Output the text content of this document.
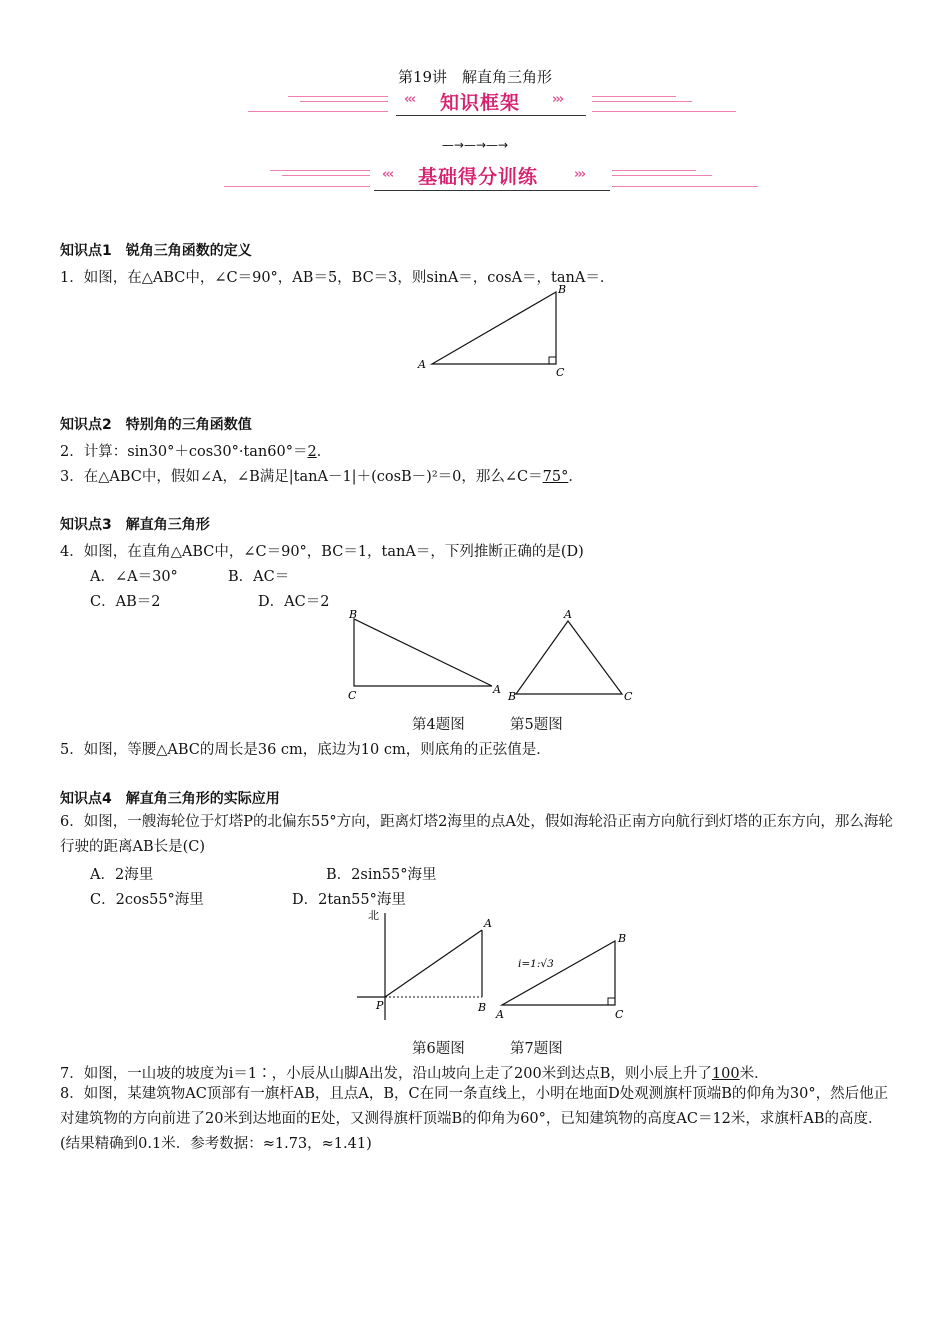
第19讲　解直角三角形
‹‹‹ 知识框架 ›››
—→—→—→
‹‹‹ 基础得分训练	›››
知识点1　锐角三角函数的定义
1．如图，在△ABC中，∠C＝90°，AB＝5，BC＝3，则sinA＝，cosA＝，tanA＝．
A
B
C
知识点2　特别角的三角函数值
2．计算：sin30°＋cos30°·tan60°＝2．
3．在△ABC中，假如∠A，∠B满足|tanA－1|＋(cosB－)²＝0，那么∠C＝75°．
知识点3　解直角三角形
4．如图，在直角△ABC中，∠C＝90°，BC＝1，tanA＝，下列推断正确的是(D)
A．∠A＝30°	B．AC＝
C．AB＝2	D．AC＝2
B
C	A
A
B	C
第4题图	第5题图
5．如图，等腰△ABC的周长是36 cm，底边为10 cm，则底角的正弦值是．
知识点4　解直角三角形的实际应用
6．如图，一艘海轮位于灯塔P的北偏东55°方向，距离灯塔2海里的点A处，假如海轮沿正南方向航行到灯塔的正东方向，那么海轮行驶的距离AB长是(C)
A．2海里	B．2sin55°海里
C．2cos55°海里	D．2tan55°海里
北
A
B
P
i=1:√3
A
B
C
第6题图	第7题图
7．如图，一山坡的坡度为i＝1∶，小辰从山脚A出发，沿山坡向上走了200米到达点B，则小辰上升了100米．
8．如图，某建筑物AC顶部有一旗杆AB，且点A，B，C在同一条直线上，小明在地面D处观测旗杆顶端B的仰角为30°，然后他正对建筑物的方向前进了20米到达地面的E处，又测得旗杆顶端B的仰角为60°，已知建筑物的高度AC＝12米，求旗杆AB的高度．(结果精确到0.1米．参考数据：≈1.73，≈1.41)
